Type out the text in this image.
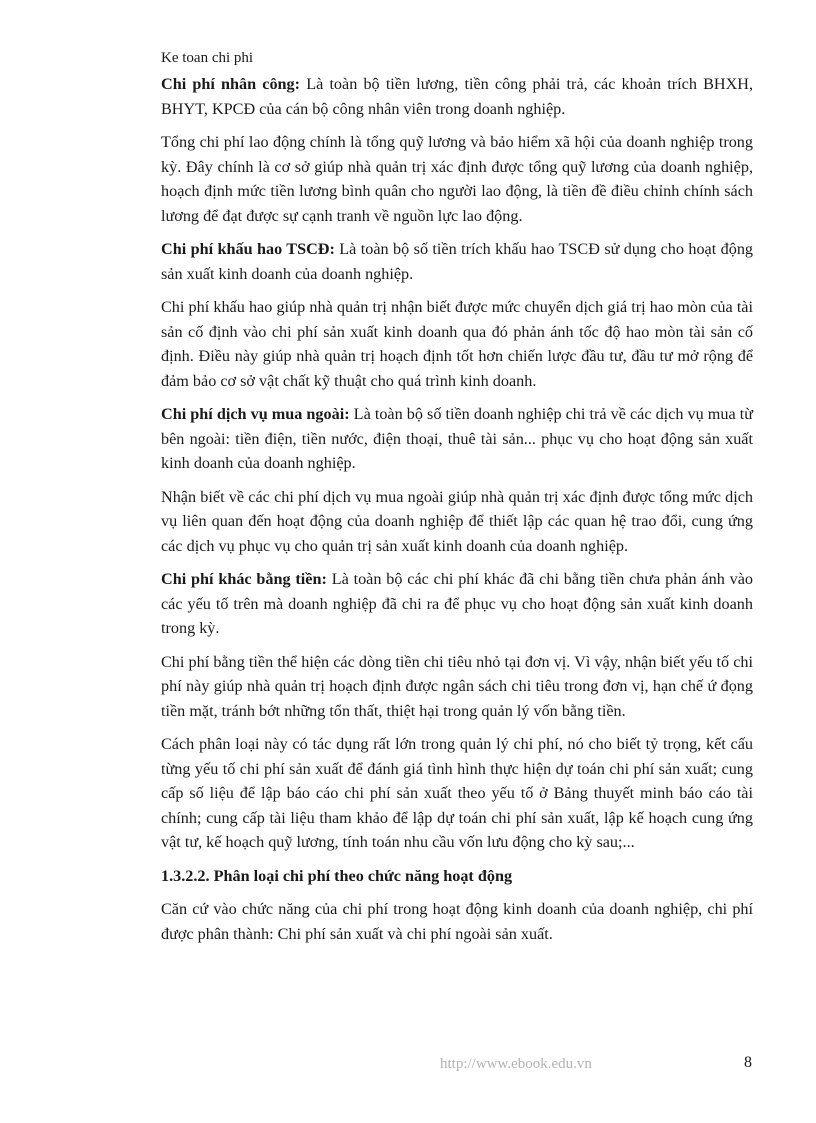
Ke toan chi phi

Chi phí nhân công: Là toàn bộ tiền lương, tiền công phải trả, các khoản trích BHXH, BHYT, KPCĐ của cán bộ công nhân viên trong doanh nghiệp.

Tổng chi phí lao động chính là tổng quỹ lương và bảo hiểm xã hội của doanh nghiệp trong kỳ. Đây chính là cơ sở giúp nhà quản trị xác định được tổng quỹ lương của doanh nghiệp, hoạch định mức tiền lương bình quân cho người lao động, là tiền đề điều chỉnh chính sách lương để đạt được sự cạnh tranh về nguồn lực lao động.

Chi phí khấu hao TSCĐ: Là toàn bộ số tiền trích khấu hao TSCĐ sử dụng cho hoạt động sản xuất kinh doanh của doanh nghiệp.

Chi phí khấu hao giúp nhà quản trị nhận biết được mức chuyển dịch giá trị hao mòn của tài sản cố định vào chi phí sản xuất kinh doanh qua đó phản ánh tốc độ hao mòn tài sản cố định. Điều này giúp nhà quản trị hoạch định tốt hơn chiến lược đầu tư, đầu tư mở rộng để đảm bảo cơ sở vật chất kỹ thuật cho quá trình kinh doanh.

Chi phí dịch vụ mua ngoài: Là toàn bộ số tiền doanh nghiệp chi trả về các dịch vụ mua từ bên ngoài: tiền điện, tiền nước, điện thoại, thuê tài sản... phục vụ cho hoạt động sản xuất kinh doanh của doanh nghiệp.

Nhận biết về các chi phí dịch vụ mua ngoài giúp nhà quản trị xác định được tổng mức dịch vụ liên quan đến hoạt động của doanh nghiệp để thiết lập các quan hệ trao đổi, cung ứng các dịch vụ phục vụ cho quản trị sản xuất kinh doanh của doanh nghiệp.

Chi phí khác bằng tiền: Là toàn bộ các chi phí khác đã chi bằng tiền chưa phản ánh vào các yếu tố trên mà doanh nghiệp đã chi ra để phục vụ cho hoạt động sản xuất kinh doanh trong kỳ.

Chi phí bằng tiền thể hiện các dòng tiền chi tiêu nhỏ tại đơn vị. Vì vậy, nhận biết yếu tố chi phí này giúp nhà quản trị hoạch định được ngân sách chi tiêu trong đơn vị, hạn chế ứ đọng tiền mặt, tránh bớt những tổn thất, thiệt hại trong quản lý vốn bằng tiền.

Cách phân loại này có tác dụng rất lớn trong quản lý chi phí, nó cho biết tỷ trọng, kết cấu từng yếu tố chi phí sản xuất để đánh giá tình hình thực hiện dự toán chi phí sản xuất; cung cấp số liệu để lập báo cáo chi phí sản xuất theo yếu tố ở Bảng thuyết minh báo cáo tài chính; cung cấp tài liệu tham khảo để lập dự toán chi phí sản xuất, lập kế hoạch cung ứng vật tư, kế hoạch quỹ lương, tính toán nhu cầu vốn lưu động cho kỳ sau;...

1.3.2.2. Phân loại chi phí theo chức năng hoạt động

Căn cứ vào chức năng của chi phí trong hoạt động kinh doanh của doanh nghiệp, chi phí được phân thành: Chi phí sản xuất và chi phí ngoài sản xuất.

http://www.ebook.edu.vn	8
